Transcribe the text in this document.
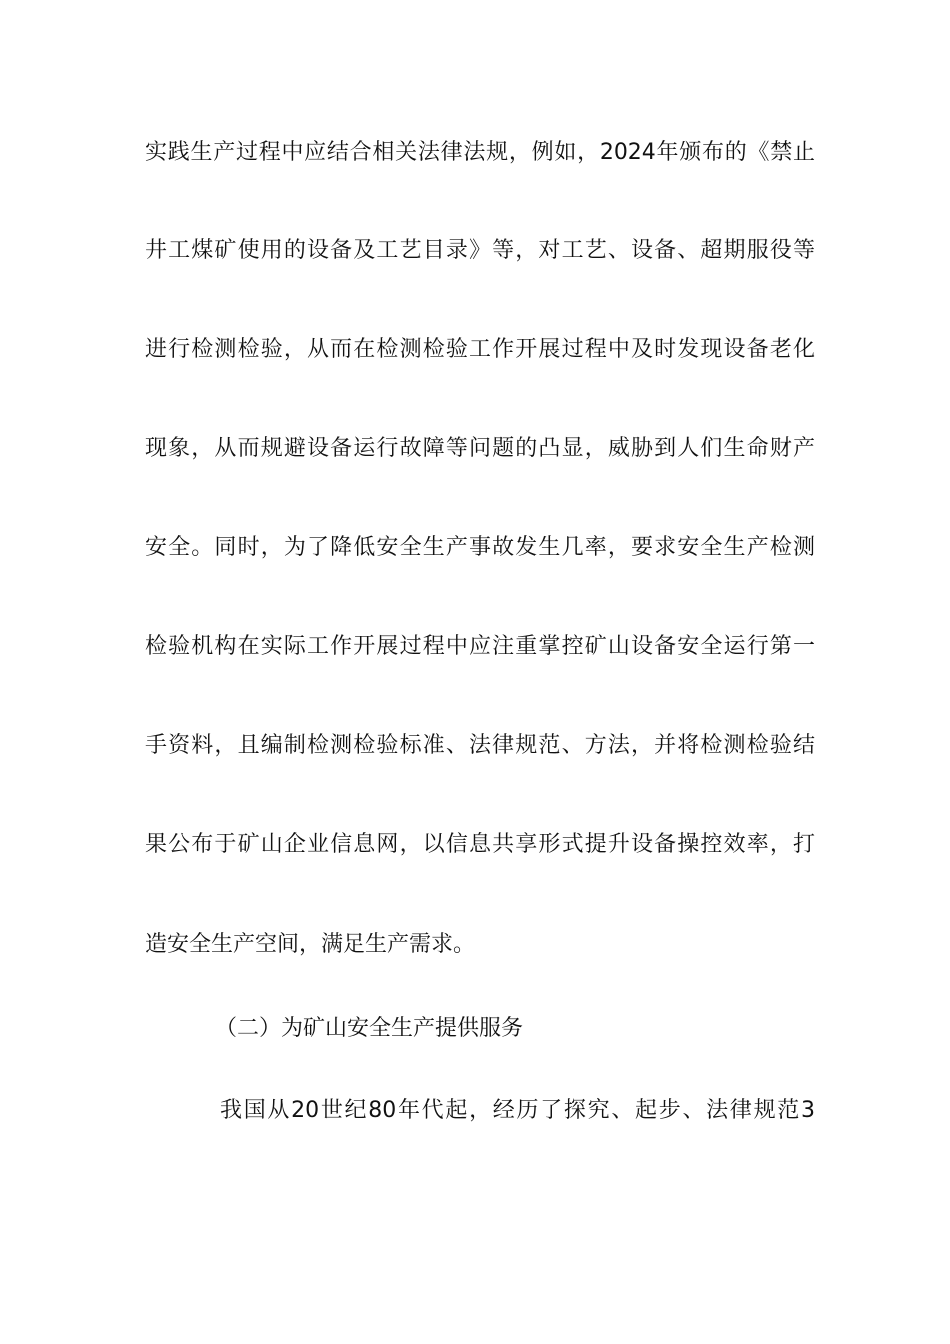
实践生产过程中应结合相关法律法规，例如，2024年颁布的《禁止
井工煤矿使用的设备及工艺目录》等，对工艺、设备、超期服役等
进行检测检验，从而在检测检验工作开展过程中及时发现设备老化
现象，从而规避设备运行故障等问题的凸显，威胁到人们生命财产
安全。同时，为了降低安全生产事故发生几率，要求安全生产检测
检验机构在实际工作开展过程中应注重掌控矿山设备安全运行第一
手资料，且编制检测检验标准、法律规范、方法，并将检测检验结
果公布于矿山企业信息网，以信息共享形式提升设备操控效率，打
造安全生产空间，满足生产需求。
（二）为矿山安全生产提供服务
我国从20世纪80年代起，经历了探究、起步、法律规范3
